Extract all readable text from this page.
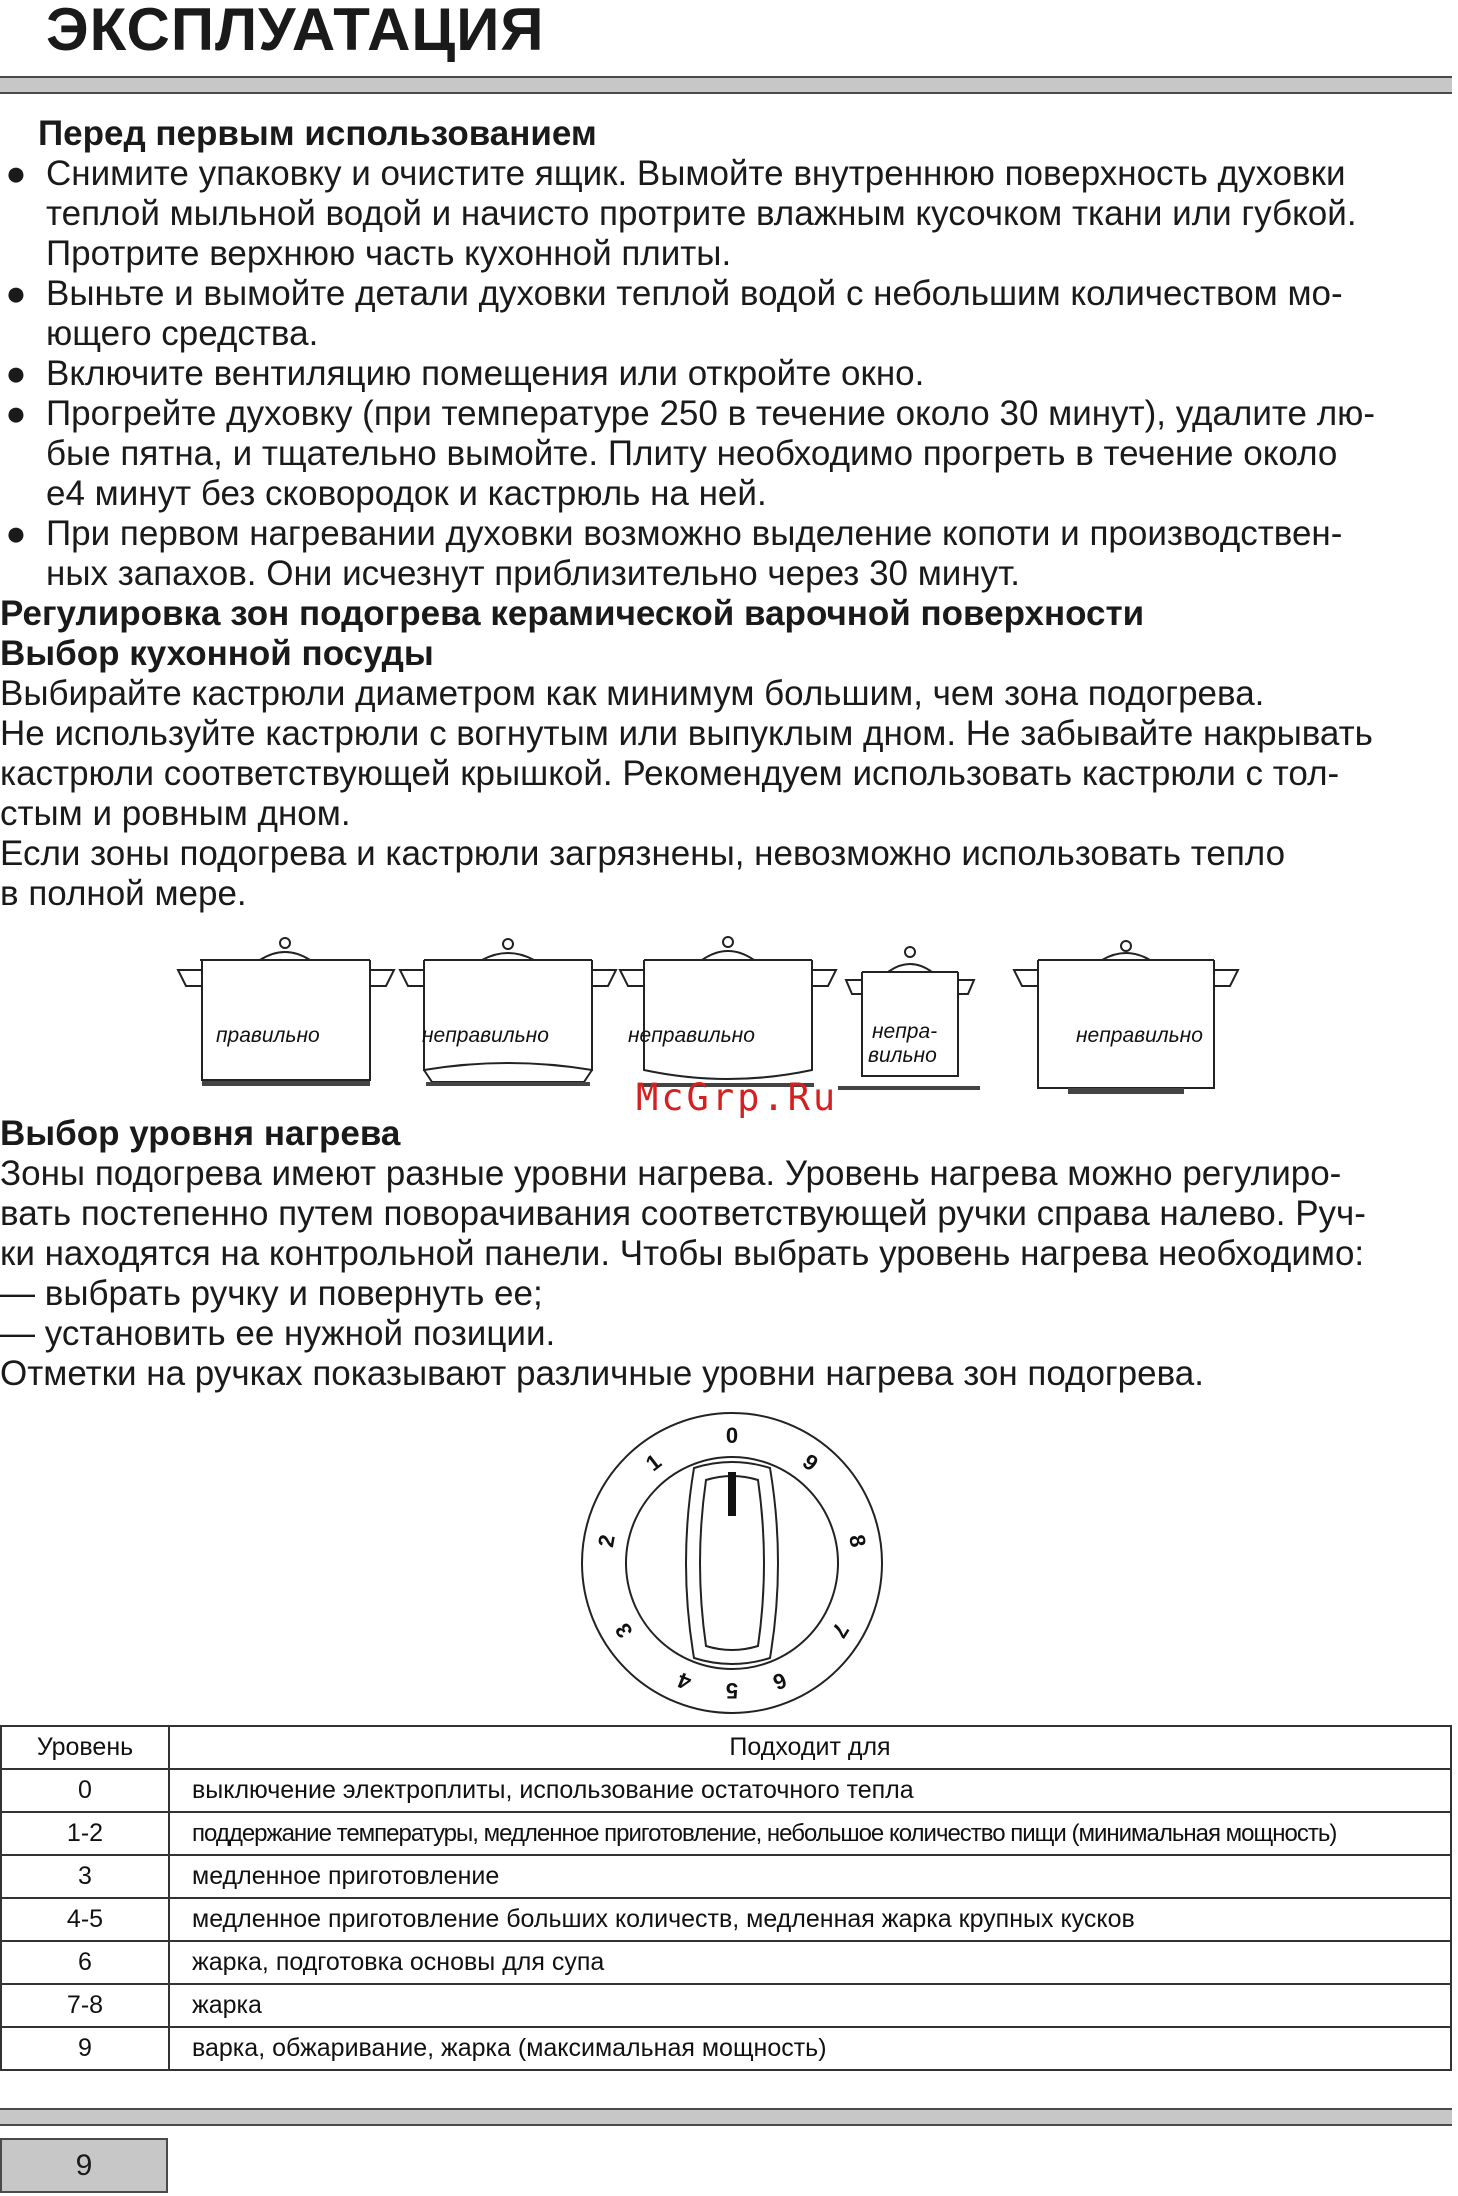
ЭКСПЛУАТАЦИЯ
Перед первым использованием
● Снимите упаковку и очистите ящик. Вымойте внутреннюю поверхность духовки
теплой мыльной водой и начисто протрите влажным кусочком ткани или губкой.
Протрите верхнюю часть кухонной плиты.
● Выньте и вымойте детали духовки теплой водой с небольшим количеством мо-
ющего средства.
● Включите вентиляцию помещения или откройте окно.
● Прогрейте духовку (при температуре 250 в течение около 30 минут), удалите лю-
бые пятна, и тщательно вымойте. Плиту необходимо прогреть в течение около
е4 минут без сковородок и кастрюль на ней.
● При первом нагревании духовки возможно выделение копоти и производствен-
ных запахов. Они исчезнут приблизительно через 30 минут.
Регулировка зон подогрева керамической варочной поверхности
Выбор кухонной посуды
Выбирайте кастрюли диаметром как минимум большим, чем зона подогрева.
Не используйте кастрюли с вогнутым или выпуклым дном. Не забывайте накрывать
кастрюли соответствующей крышкой. Рекомендуем использовать кастрюли с тол-
стым и ровным дном.
Если зоны подогрева и кастрюли загрязнены, невозможно использовать тепло
в полной мере.
правильно	неправильно	неправильно	непра-
вильно
неправильно
McGrp.Ru
Выбор уровня нагрева
Зоны подогрева имеют разные уровни нагрева. Уровень нагрева можно регулиро-
вать постепенно путем поворачивания соответствующей ручки справа налево. Руч-
ки находятся на контрольной панели. Чтобы выбрать уровень нагрева необходимо:
— выбрать ручку и повернуть ее;
— установить ее нужной позиции.
Отметки на ручках показывают различные уровни нагрева зон подогрева.
0
1
2
3
4 5 6
7
8
9
Уровень	Подходит для
0	выключение электроплиты, использование остаточного тепла
1-2	поддержание температуры, медленное приготовление, небольшое количество пищи (минимальная мощность)
3	медленное приготовление
4-5	медленное приготовление больших количеств, медленная жарка крупных кусков
6	жарка, подготовка основы для супа
7-8	жарка
9	варка, обжаривание, жарка (максимальная мощность)
9
